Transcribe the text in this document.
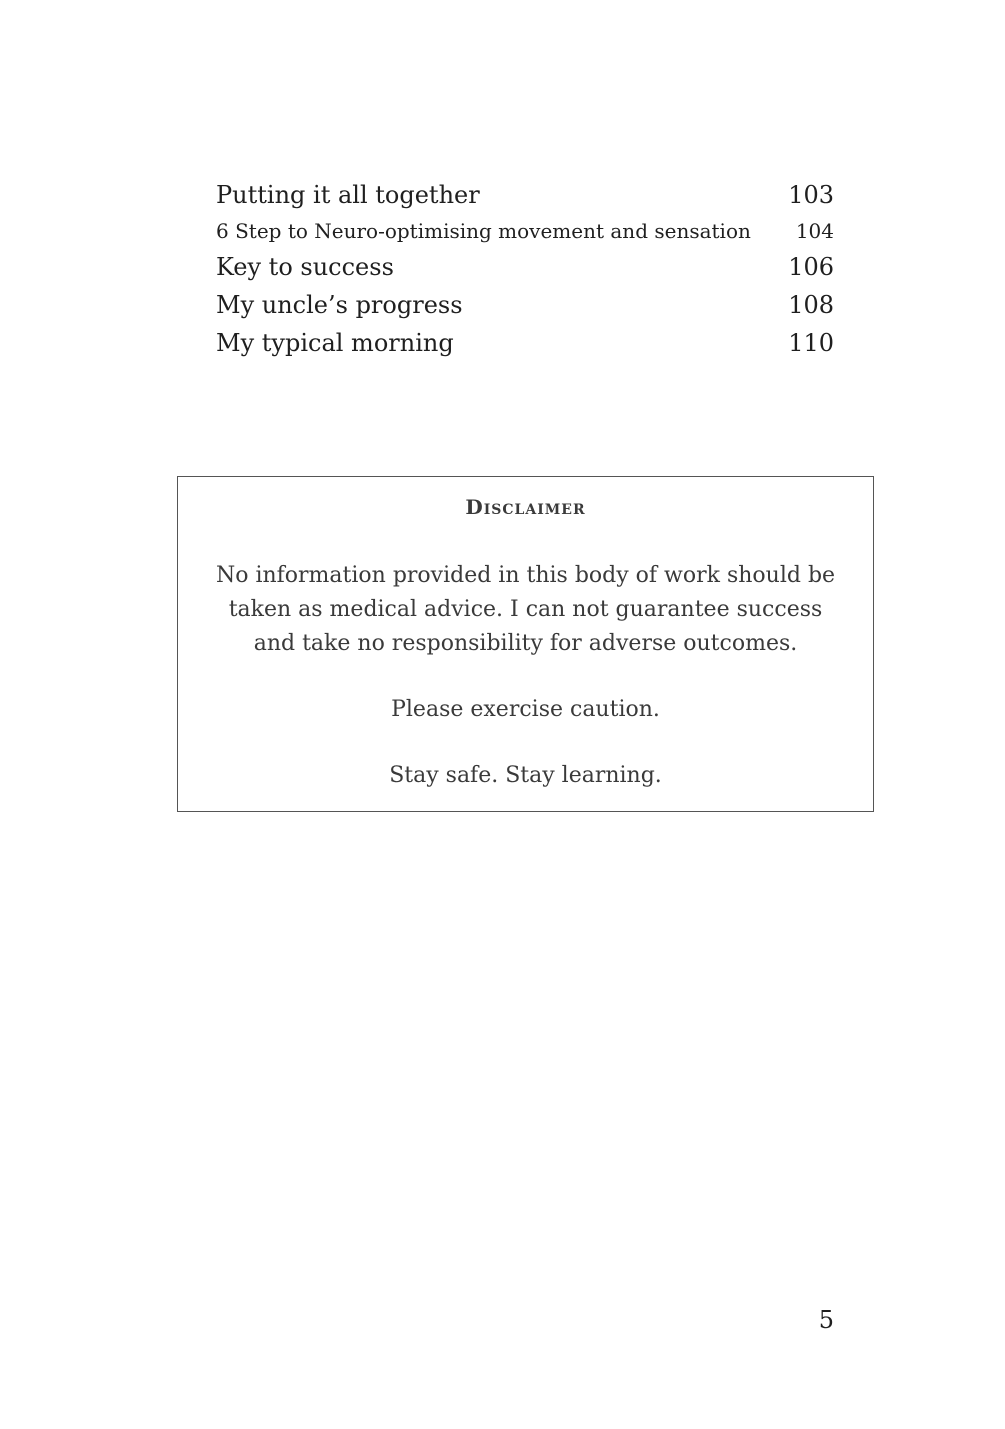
Putting it all together	103
6 Step to Neuro-optimising movement and sensation	104
Key to success	106
My uncle’s progress	108
My typical morning	110
Disclaimer
No information provided in this body of work should be taken as medical advice. I can not guarantee success and take no responsibility for adverse outcomes.
Please exercise caution.
Stay safe. Stay learning.
5
